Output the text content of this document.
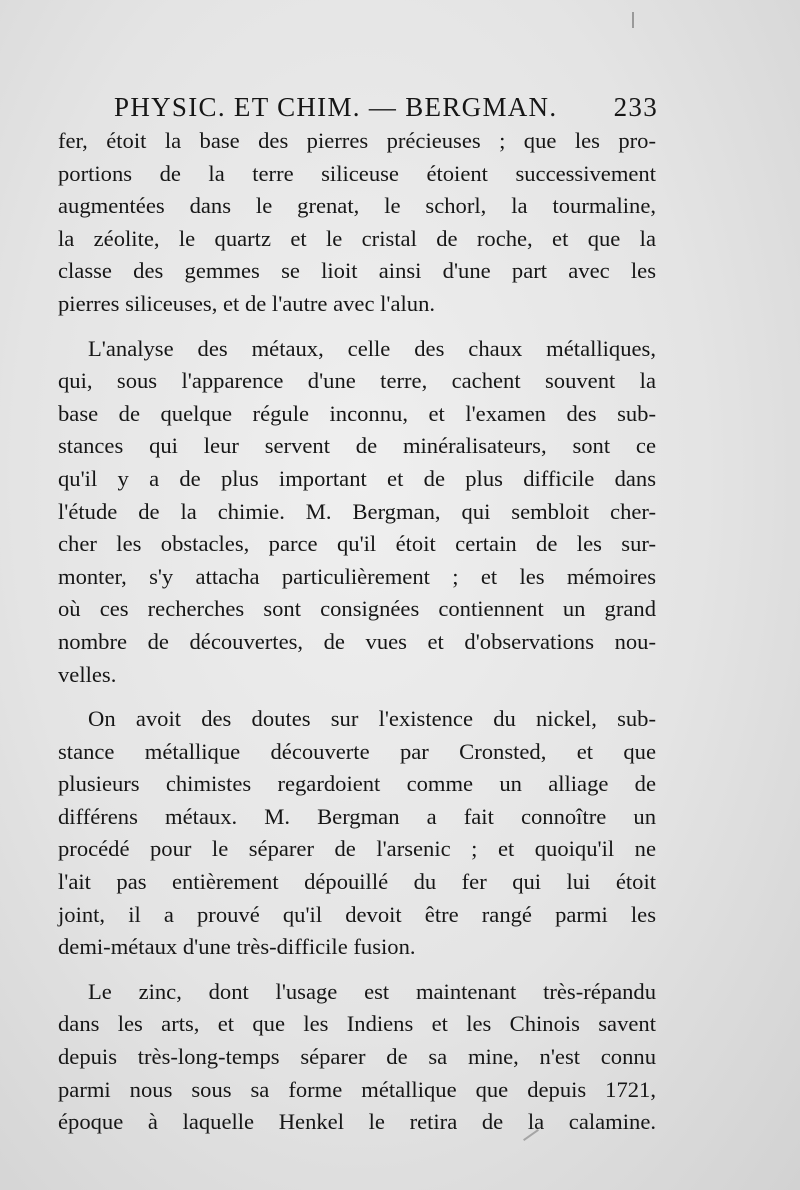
PHYSIC. ET CHIM. — BERGMAN. 233

fer, étoit la base des pierres précieuses ; que les pro-
portions de la terre siliceuse étoient successivement
augmentées dans le grenat, le schorl, la tourmaline,
la zéolite, le quartz et le cristal de roche, et que la
classe des gemmes se lioit ainsi d'une part avec les
pierres siliceuses, et de l'autre avec l'alun.

L'analyse des métaux, celle des chaux métalliques,
qui, sous l'apparence d'une terre, cachent souvent la
base de quelque régule inconnu, et l'examen des sub-
stances qui leur servent de minéralisateurs, sont ce
qu'il y a de plus important et de plus difficile dans
l'étude de la chimie. M. Bergman, qui sembloit cher-
cher les obstacles, parce qu'il étoit certain de les sur-
monter, s'y attacha particulièrement ; et les mémoires
où ces recherches sont consignées contiennent un grand
nombre de découvertes, de vues et d'observations nou-
velles.

On avoit des doutes sur l'existence du nickel, sub-
stance métallique découverte par Cronsted, et que
plusieurs chimistes regardoient comme un alliage de
différens métaux. M. Bergman a fait connoître un
procédé pour le séparer de l'arsenic ; et quoiqu'il ne
l'ait pas entièrement dépouillé du fer qui lui étoit
joint, il a prouvé qu'il devoit être rangé parmi les
demi-métaux d'une très-difficile fusion.

Le zinc, dont l'usage est maintenant très-répandu
dans les arts, et que les Indiens et les Chinois savent
depuis très-long-temps séparer de sa mine, n'est connu
parmi nous sous sa forme métallique que depuis 1721,
époque à laquelle Henkel le retira de la calamine.
